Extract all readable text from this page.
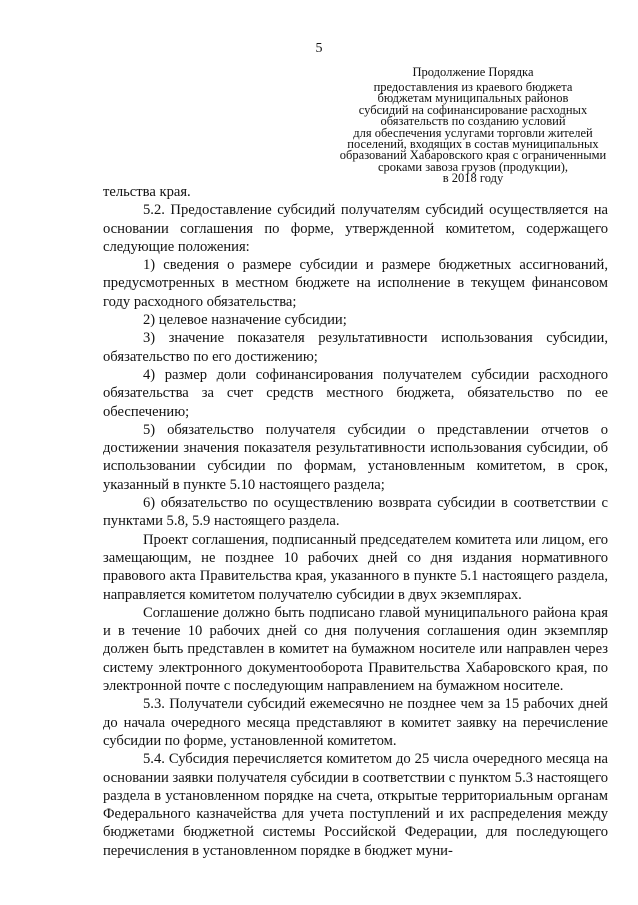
5
Продолжение Порядка
предоставления из краевого бюджета
бюджетам муниципальных районов
субсидий на софинансирование расходных
обязательств по созданию условий
для обеспечения услугами торговли жителей
поселений, входящих в состав муниципальных
образований Хабаровского края с ограниченными
сроками завоза грузов (продукции),
в 2018 году

тельства края.

5.2. Предоставление субсидий получателям субсидий осуществляется на основании соглашения по форме, утвержденной комитетом, содержащего следующие положения:

1) сведения о размере субсидии и размере бюджетных ассигнований, предусмотренных в местном бюджете на исполнение в текущем финансовом году расходного обязательства;

2) целевое назначение субсидии;

3) значение показателя результативности использования субсидии, обязательство по его достижению;

4) размер доли софинансирования получателем субсидии расходного обязательства за счет средств местного бюджета, обязательство по ее обеспечению;

5) обязательство получателя субсидии о представлении отчетов о достижении значения показателя результативности использования субсидии, об использовании субсидии по формам, установленным комитетом, в срок, указанный в пункте 5.10 настоящего раздела;

6) обязательство по осуществлению возврата субсидии в соответствии с пунктами 5.8, 5.9 настоящего раздела.

Проект соглашения, подписанный председателем комитета или лицом, его замещающим, не позднее 10 рабочих дней со дня издания нормативного правового акта Правительства края, указанного в пункте 5.1 настоящего раздела, направляется комитетом получателю субсидии в двух экземплярах.

Соглашение должно быть подписано главой муниципального района края и в течение 10 рабочих дней со дня получения соглашения один экземпляр должен быть представлен в комитет на бумажном носителе или направлен через систему электронного документооборота Правительства Хабаровского края, по электронной почте с последующим направлением на бумажном носителе.

5.3. Получатели субсидий ежемесячно не позднее чем за 15 рабочих дней до начала очередного месяца представляют в комитет заявку на перечисление субсидии по форме, установленной комитетом.

5.4. Субсидия перечисляется комитетом до 25 числа очередного месяца на основании заявки получателя субсидии в соответствии с пунктом 5.3 настоящего раздела в установленном порядке на счета, открытые территориальным органам Федерального казначейства для учета поступлений и их распределения между бюджетами бюджетной системы Российской Федерации, для последующего перечисления в установленном порядке в бюджет муни-
